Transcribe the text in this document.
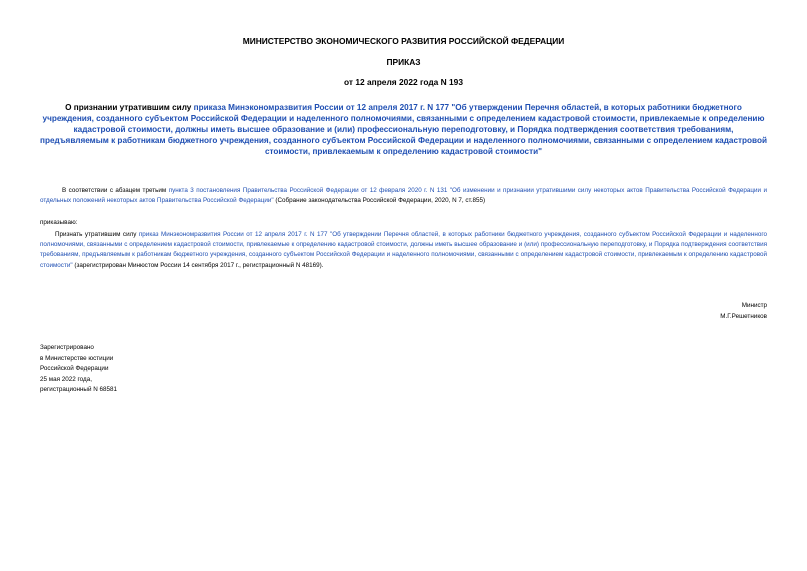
МИНИСТЕРСТВО ЭКОНОМИЧЕСКОГО РАЗВИТИЯ РОССИЙСКОЙ ФЕДЕРАЦИИ
ПРИКАЗ
от 12 апреля 2022 года N 193
О признании утратившим силу приказа Минэкономразвития России от 12 апреля 2017 г. N 177 "Об утверждении Перечня областей, в которых работники бюджетного учреждения, созданного субъектом Российской Федерации и наделенного полномочиями, связанными с определением кадастровой стоимости, привлекаемые к определению кадастровой стоимости, должны иметь высшее образование и (или) профессиональную переподготовку, и Порядка подтверждения соответствия требованиям, предъявляемым к работникам бюджетного учреждения, созданного субъектом Российской Федерации и наделенного полномочиями, связанными с определением кадастровой стоимости, привлекаемым к определению кадастровой стоимости"
В соответствии с абзацем третьим пункта 3 постановления Правительства Российской Федерации от 12 февраля 2020 г. N 131 "Об изменении и признании утратившими силу некоторых актов Правительства Российской Федерации и отдельных положений некоторых актов Правительства Российской Федерации" (Собрание законодательства Российской Федерации, 2020, N 7, ст.855)
приказываю:
Признать утратившим силу приказ Минэкономразвития России от 12 апреля 2017 г. N 177 "Об утверждении Перечня областей, в которых работники бюджетного учреждения, созданного субъектом Российской Федерации и наделенного полномочиями, связанными с определением кадастровой стоимости, привлекаемые к определению кадастровой стоимости, должны иметь высшее образование и (или) профессиональную переподготовку, и Порядка подтверждения соответствия требованиям, предъявляемым к работникам бюджетного учреждения, созданного субъектом Российской Федерации и наделенного полномочиями, связанными с определением кадастровой стоимости, привлекаемым к определению кадастровой стоимости" (зарегистрирован Минюстом России 14 сентября 2017 г., регистрационный N 48169).
Министр
М.Г.Решетников
Зарегистрировано
в Министерстве юстиции
Российской Федерации
25 мая 2022 года,
регистрационный N 68581
